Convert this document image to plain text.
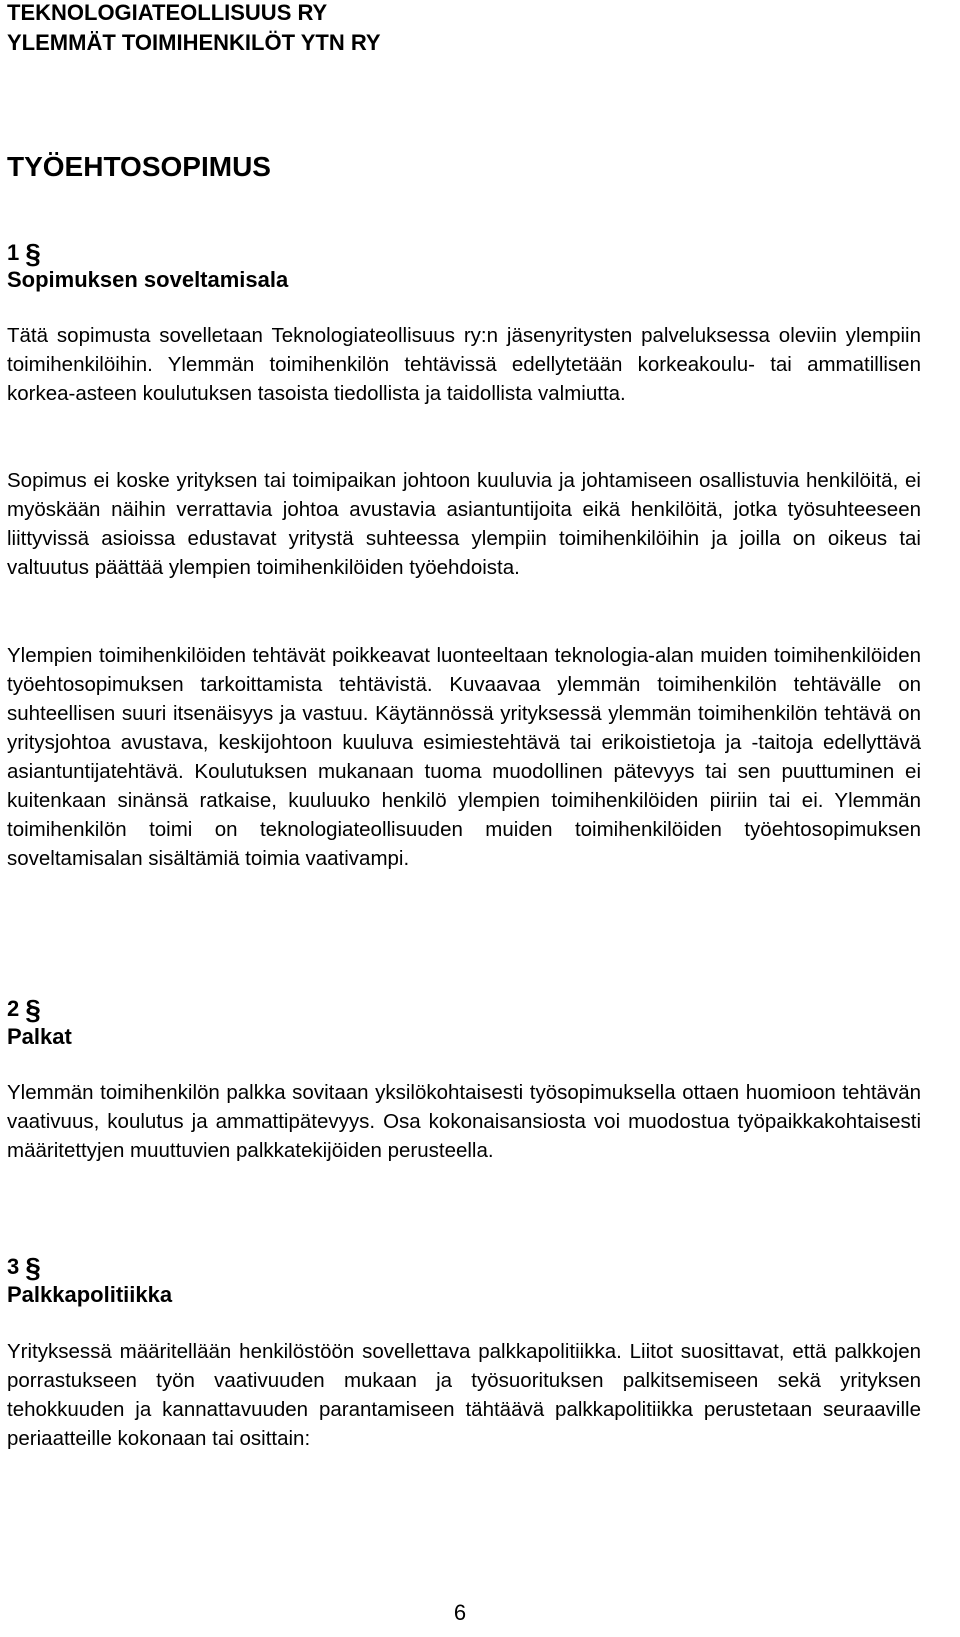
TEKNOLOGIATEOLLISUUS RY
YLEMMÄT TOIMIHENKILÖT YTN RY
TYÖEHTOSOPIMUS
1 §
Sopimuksen soveltamisala

Tätä sopimusta sovelletaan Teknologiateollisuus ry:n jäsenyritysten palveluksessa oleviin ylempiin toimihenkilöihin. Ylemmän toimihenkilön tehtävissä edellytetään korkeakoulu- tai ammatillisen korkea-asteen koulutuksen tasoista tiedollista ja taidollista valmiutta.

Sopimus ei koske yrityksen tai toimipaikan johtoon kuuluvia ja johtamiseen osallistuvia henkilöitä, ei myöskään näihin verrattavia johtoa avustavia asiantuntijoita eikä henkilöitä, jotka työsuhteeseen liittyvissä asioissa edustavat yritystä suhteessa ylempiin toimihenkilöihin ja joilla on oikeus tai valtuutus päättää ylempien toimihenkilöiden työehdoista.

Ylempien toimihenkilöiden tehtävät poikkeavat luonteeltaan teknologia-alan muiden toimihenkilöiden työehtosopimuksen tarkoittamista tehtävistä. Kuvaavaa ylemmän toimihenkilön tehtävälle on suhteellisen suuri itsenäisyys ja vastuu. Käytännössä yrityksessä ylemmän toimihenkilön tehtävä on yritysjohtoa avustava, keskijohtoon kuuluva esimiestehtävä tai erikoistietoja ja -taitoja edellyttävä asiantuntijatehtävä. Koulutuksen mukanaan tuoma muodollinen pätevyys tai sen puuttuminen ei kuitenkaan sinänsä ratkaise, kuuluuko henkilö ylempien toimihenkilöiden piiriin tai ei. Ylemmän toimihenkilön toimi on teknologiateollisuuden muiden toimihenkilöiden työehtosopimuksen soveltamisalan sisältämiä toimia vaativampi.

2 §
Palkat

Ylemmän toimihenkilön palkka sovitaan yksilökohtaisesti työsopimuksella ottaen huomioon tehtävän vaativuus, koulutus ja ammattipätevyys. Osa kokonaisansiosta voi muodostua työpaikkakohtaisesti määritettyjen muuttuvien palkkatekijöiden perusteella.

3 §
Palkkapolitiikka

Yrityksessä määritellään henkilöstöön sovellettava palkkapolitiikka. Liitot suosittavat, että palkkojen porrastukseen työn vaativuuden mukaan ja työsuorituksen palkitsemiseen sekä yrityksen tehokkuuden ja kannattavuuden parantamiseen tähtäävä palkkapolitiikka perustetaan seuraaville periaatteille kokonaan tai osittain:

6
